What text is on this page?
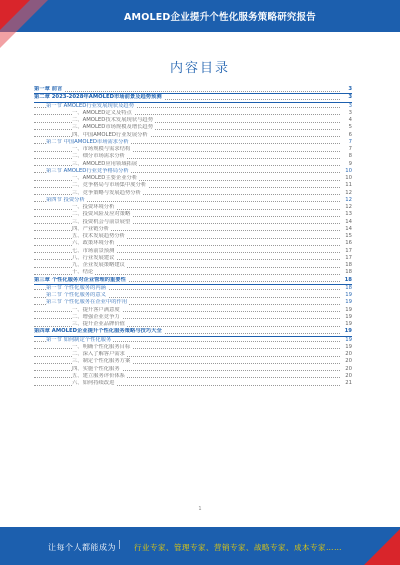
AMOLED企业提升个性化服务策略研究报告
内容目录
第一章 前言	3
第二章 2023-2028年AMOLED市场前景及趋势预测	3
第一节 AMOLED行业发展现状及趋势	3
一、AMOLED定义及特点	3
二、AMOLED技术发展现状与趋势	4
三、AMOLED市场规模及增长趋势	5
四、中国AMOLED行业发展分析	6
第二节 中国AMOLED市场需求分析	7
一、市场规模与需求结构	7
二、细分市场需求分析	8
三、AMOLED应用领域拓展	9
第三节 AMOLED行业竞争格局分析	10
一、AMOLED主要企业分析	10
二、竞争格局与市场集中度分析	11
三、竞争策略与发展趋势分析	12
第四节 投资分析	12
一、投资环境分析	12
二、投资风险及应对策略	13
三、投资机会与前景展望	14
四、产业链分析	14
五、技术发展趋势分析	15
六、政策环境分析	16
七、市场前景预测	17
八、行业发展建议	17
九、企业发展策略建议	18
十、结论	18
第三章 个性化服务对企业管理的重要性	18
第一节 个性化服务的内涵	18
第二节 个性化服务的意义	19
第三节 个性化服务在企业中的作用	19
一、提升客户满意度	19
二、增强企业竞争力	19
三、提升企业品牌价值	19
第四章 AMOLED企业提升个性化服务策略与技巧大全	19
第一节 如何制定个性化服务	19
一、明确个性化服务目标	19
二、深入了解客户需求	20
三、制定个性化服务方案	20
四、实施个性化服务	20
五、建立服务评价体系	20
六、如何持续改进	21
1
让每个人都能成为 | 行业专家、管理专家、营销专家、战略专家、成本专家……
